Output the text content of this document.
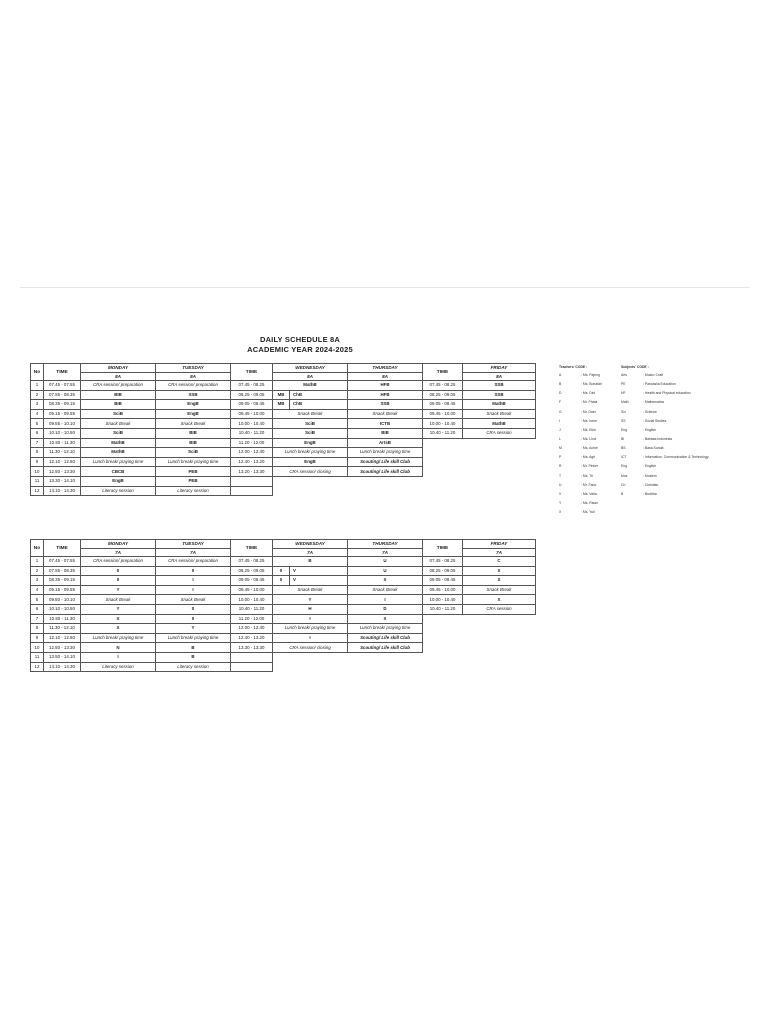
DAILY SCHEDULE 8A
ACADEMIC YEAR 2024-2025
No	TIME	MONDAY	TUESDAY	TIME	WEDNESDAY		THURSDAY	TIME	FRIDAY
		8A	8A		8A		8A		8A
1	07.45 - 07.55	CRA session/ preparation	CRA session/ preparation	07.45 - 08.25	MathB		HFB	07.45 - 08.25	SSB
2	07.55 - 08.35	BIB	SSB	08.25 - 09.05	MB	ChB	HFB	08.25 - 09.05	SSB
3	08.35 - 09.15	BIB	EngB	09.05 - 09.45	MB	ChB	SSB	09.05 - 09.45	MathB
4	09.15 - 09.55	SciB	EngB	09.45 - 10.00	Snack Break		Snack Break	09.45 - 10.00	Snack Break
5	09.55 - 10.10	Snack Break	Snack Break	10.00 - 10.40	SciB		ICTB	10.00 - 10.40	MathB
6	10.10 - 10.50	SciB	BIB	10.40 - 11.20	SciB		BIB	10.40 - 11.20	CRA session
7	10.50 - 11.30	MathB	BIB	11.20 - 12.00	EngB		ArtsB		
8	11.30 - 12.10	MathB	SciB	12.00 - 12.40	Lunch break/ praying time		Lunch break/ praying time		
9	12.10 - 12.50	Lunch break/ praying time	Lunch break/ praying time	12.40 - 13.20	EngB		Scouting/ Life skill Club		
10	12.50 - 13.30	CBCB	PEB	13.20 - 13.30	CRA session/ closing		Scouting/ Life skill Club		
11	13.30 - 14.10	EngB	PEB						
12	14.10 - 14.30	Literacy session	Literacy session						
No	TIME	MONDAY	TUESDAY	TIME	WEDNESDAY		THURSDAY	TIME	FRIDAY
		7A	7A		7A		7A		7A
1	07.45 - 07.55	CRA session/ preparation	CRA session/ preparation	07.45 - 08.25	B		U	07.45 - 08.25	C
2	07.55 - 08.35	0	0	08.25 - 09.05	0	V	U	08.25 - 09.05	X
3	08.35 - 09.15	0	I	09.05 - 09.45	0	V	X	09.05 - 09.45	X
4	09.15 - 09.55	Y	I	09.45 - 10.00	Snack Break		Snack Break	09.45 - 10.00	Snack Break
5	09.50 - 10.10	Snack Break	Snack Break	10.00 - 10.40	Y		I	10.00 - 10.40	X
6	10.10 - 10.50	Y	0	10.40 - 11.20	H		D	10.40 - 11.20	CRA session
7	10.50 - 11.30	X	0	11.20 - 12.00	I		X		
8	11.30 - 12.10	X	Y	12.00 - 12.40	Lunch break/ praying time		Lunch break/ praying time		
9	12.10 - 12.50	Lunch break/ praying time	Lunch break/ praying time	12.40 - 13.20	I		Scouting/ Life skill Club		
10	12.50 - 13.30	N	B	13.30 - 13.30	CRA session/ closing		Scouting/ Life skill Club		
11	13.50 - 14.10	I	B						
12	14.10 - 14.30	Literacy session	Literacy session						
Teachers' CODE :
A	: Ms. Pajeng
B	: Ms. Bonafair
D	: Ms. Dini
F	: Mr. Phala
G	: Mr. Daer
I	: Ms. Irene
J	: Ms. Ekin
L	: Ms. Linci
M	: Ms. Acme
P	: Ms. Agri
R	: Mr. Pinker
T	: Ms. Tri
U	: Mr. Fano
V	: Ms. Valia
Y	: Ms. Risan
X	: Ms. Yuli
Subjects' CODE :
Arts	: Music/ Craft
PE	: Pancasila Education
HF	: Health and Physical education
Math	: Mathematics
Sci	: Science
SS	: Social Studies
Eng	: English
BI	: Bahasa Indonesia
BS	: Basa Sunda
ICT	: Information, Communication & Technology
Eng	: English
Mos	: Moslem
Ch	: Christian
B	: Buddha
